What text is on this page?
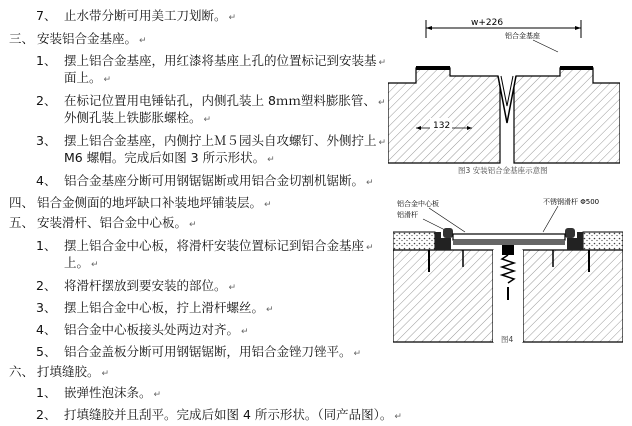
7、 止水带分断可用美工刀划断。 ↵
三、 安装铝合金基座。 ↵
1、 摆上铝合金基座，用红漆将基座上孔的位置标记到安装基 ↵
面上。 ↵
2、 在标记位置用电锤钻孔，内侧孔装上 8ｍｍ塑料膨胀管、 ↵
外侧孔装上铁膨胀螺栓。 ↵
3、 摆上铝合金基座，内侧拧上Ｍ５园头自攻螺钉、外侧拧上 ↵
M6 螺帽。完成后如图 3 所示形状。 ↵
4、 铝合金基座分断可用钢锯锯断或用铝合金切割机锯断。 ↵
四、 铝合金侧面的地坪缺口补装地坪铺装层。 ↵
五、 安装滑杆、铝合金中心板。 ↵
1、 摆上铝合金中心板，将滑杆安装位置标记到铝合金基座 ↵
上。 ↵
2、 将滑杆摆放到要安装的部位。 ↵
3、 摆上铝合金中心板，拧上滑杆螺丝。 ↵
4、 铝合金中心板接头处两边对齐。 ↵
5、 铝合金盖板分断可用钢锯锯断，用铝合金锉刀锉平。 ↵
六、 打填缝胶。 ↵
1、 嵌弹性泡沫条。 ↵
2、 打填缝胶并且刮平。完成后如图 4 所示形状。（同产品图）。 ↵
w+226
铝合金基座
132
图3 安装铝合金基座示意图
铝合金中心板
铝滑杆
不锈钢滑杆 Φ500
图4
